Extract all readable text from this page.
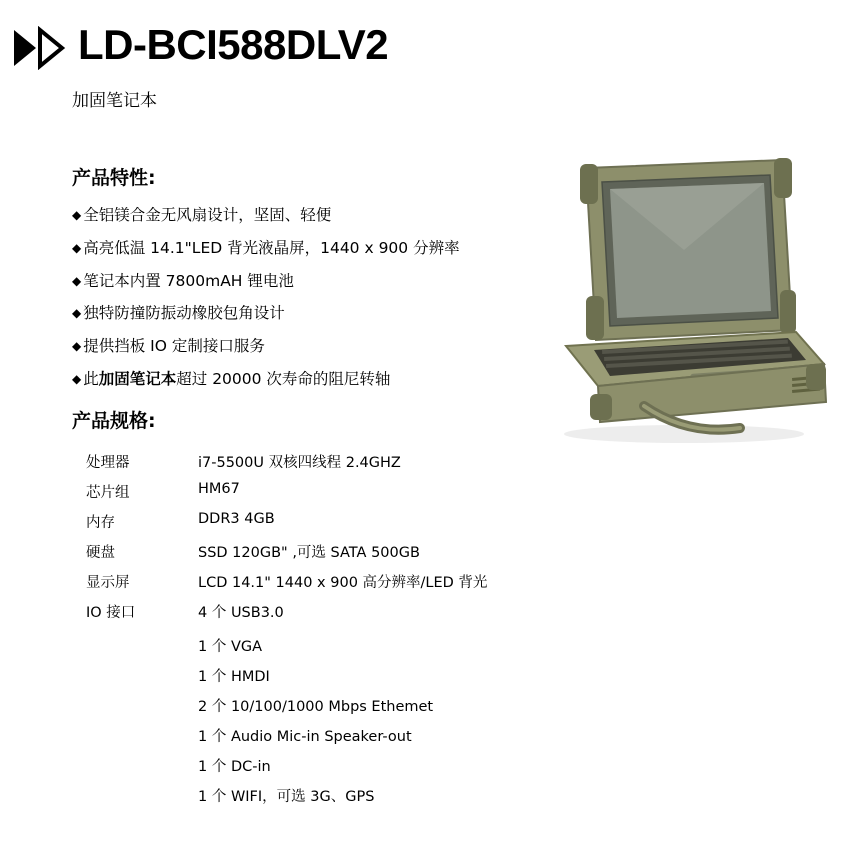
LD-BCI588DLV2
加固笔记本
产品特性:
◆ 全铝镁合金无风扇设计，坚固、轻便
◆ 高亮低温 14.1"LED 背光液晶屏，1440 x 900 分辨率
◆ 笔记本内置 7800mAH 锂电池
◆ 独特防撞防振动橡胶包角设计
◆ 提供挡板 IO 定制接口服务
◆ 此加固笔记本超过 20000 次寿命的阻尼转轴
产品规格:
处理器	i7-5500U 双核四线程 2.4GHZ
芯片组	HM67
内存	DDR3 4GB
硬盘	SSD 120GB" ,可选 SATA 500GB
显示屏	LCD 14.1" 1440 x 900 高分辨率/LED 背光
IO 接口	4 个 USB3.0

1 个 VGA
1 个 HMDI
2 个 10/100/1000 Mbps Ethemet
1 个 Audio Mic-in Speaker-out
1 个 DC-in
1 个 WIFI，可选 3G、GPS
